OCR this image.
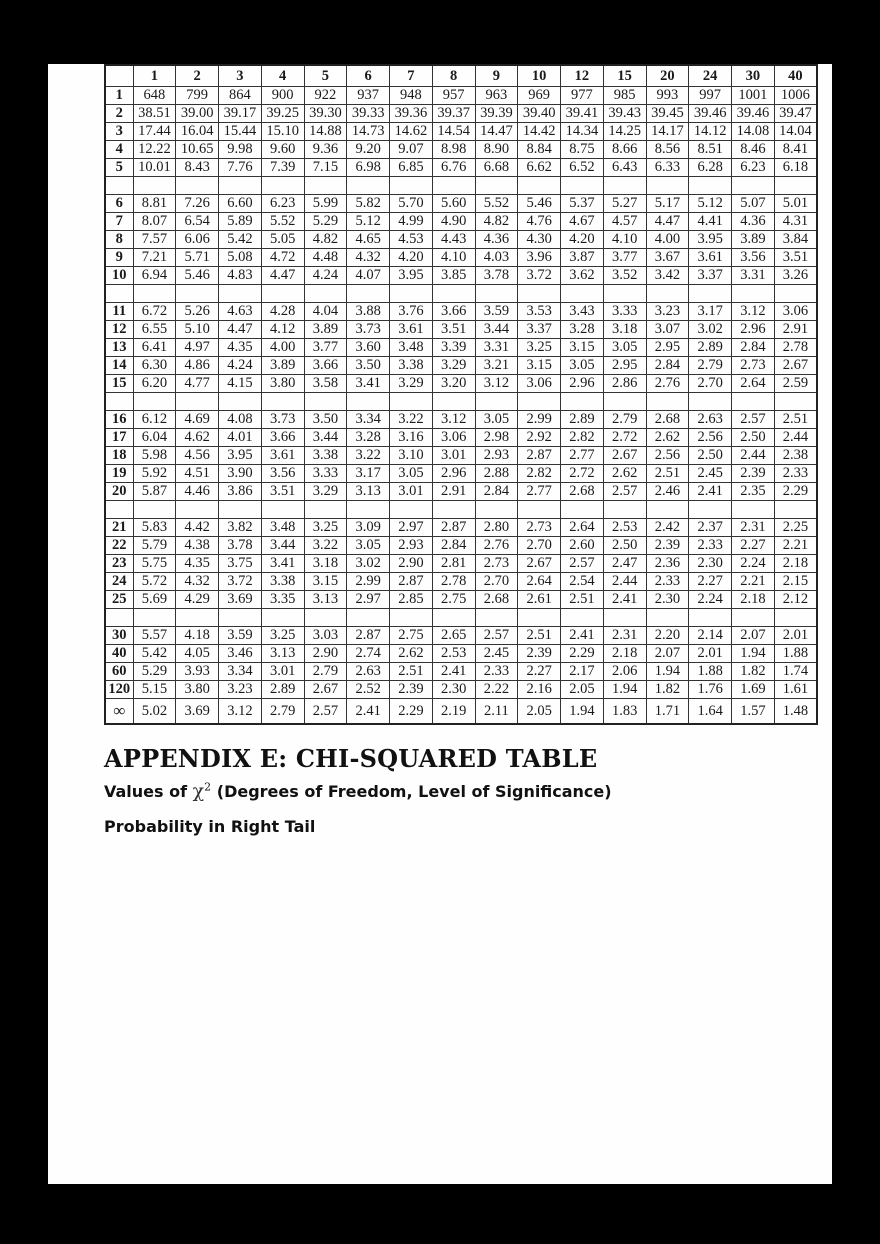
	1	2	3	4	5	6	7	8	9	10	12	15	20	24	30	40
1	648	799	864	900	922	937	948	957	963	969	977	985	993	997	1001	1006
2	38.51	39.00	39.17	39.25	39.30	39.33	39.36	39.37	39.39	39.40	39.41	39.43	39.45	39.46	39.46	39.47
3	17.44	16.04	15.44	15.10	14.88	14.73	14.62	14.54	14.47	14.42	14.34	14.25	14.17	14.12	14.08	14.04
4	12.22	10.65	9.98	9.60	9.36	9.20	9.07	8.98	8.90	8.84	8.75	8.66	8.56	8.51	8.46	8.41
5	10.01	8.43	7.76	7.39	7.15	6.98	6.85	6.76	6.68	6.62	6.52	6.43	6.33	6.28	6.23	6.18

6	8.81	7.26	6.60	6.23	5.99	5.82	5.70	5.60	5.52	5.46	5.37	5.27	5.17	5.12	5.07	5.01
7	8.07	6.54	5.89	5.52	5.29	5.12	4.99	4.90	4.82	4.76	4.67	4.57	4.47	4.41	4.36	4.31
8	7.57	6.06	5.42	5.05	4.82	4.65	4.53	4.43	4.36	4.30	4.20	4.10	4.00	3.95	3.89	3.84
9	7.21	5.71	5.08	4.72	4.48	4.32	4.20	4.10	4.03	3.96	3.87	3.77	3.67	3.61	3.56	3.51
10	6.94	5.46	4.83	4.47	4.24	4.07	3.95	3.85	3.78	3.72	3.62	3.52	3.42	3.37	3.31	3.26

11	6.72	5.26	4.63	4.28	4.04	3.88	3.76	3.66	3.59	3.53	3.43	3.33	3.23	3.17	3.12	3.06
12	6.55	5.10	4.47	4.12	3.89	3.73	3.61	3.51	3.44	3.37	3.28	3.18	3.07	3.02	2.96	2.91
13	6.41	4.97	4.35	4.00	3.77	3.60	3.48	3.39	3.31	3.25	3.15	3.05	2.95	2.89	2.84	2.78
14	6.30	4.86	4.24	3.89	3.66	3.50	3.38	3.29	3.21	3.15	3.05	2.95	2.84	2.79	2.73	2.67
15	6.20	4.77	4.15	3.80	3.58	3.41	3.29	3.20	3.12	3.06	2.96	2.86	2.76	2.70	2.64	2.59

16	6.12	4.69	4.08	3.73	3.50	3.34	3.22	3.12	3.05	2.99	2.89	2.79	2.68	2.63	2.57	2.51
17	6.04	4.62	4.01	3.66	3.44	3.28	3.16	3.06	2.98	2.92	2.82	2.72	2.62	2.56	2.50	2.44
18	5.98	4.56	3.95	3.61	3.38	3.22	3.10	3.01	2.93	2.87	2.77	2.67	2.56	2.50	2.44	2.38
19	5.92	4.51	3.90	3.56	3.33	3.17	3.05	2.96	2.88	2.82	2.72	2.62	2.51	2.45	2.39	2.33
20	5.87	4.46	3.86	3.51	3.29	3.13	3.01	2.91	2.84	2.77	2.68	2.57	2.46	2.41	2.35	2.29

21	5.83	4.42	3.82	3.48	3.25	3.09	2.97	2.87	2.80	2.73	2.64	2.53	2.42	2.37	2.31	2.25
22	5.79	4.38	3.78	3.44	3.22	3.05	2.93	2.84	2.76	2.70	2.60	2.50	2.39	2.33	2.27	2.21
23	5.75	4.35	3.75	3.41	3.18	3.02	2.90	2.81	2.73	2.67	2.57	2.47	2.36	2.30	2.24	2.18
24	5.72	4.32	3.72	3.38	3.15	2.99	2.87	2.78	2.70	2.64	2.54	2.44	2.33	2.27	2.21	2.15
25	5.69	4.29	3.69	3.35	3.13	2.97	2.85	2.75	2.68	2.61	2.51	2.41	2.30	2.24	2.18	2.12

30	5.57	4.18	3.59	3.25	3.03	2.87	2.75	2.65	2.57	2.51	2.41	2.31	2.20	2.14	2.07	2.01
40	5.42	4.05	3.46	3.13	2.90	2.74	2.62	2.53	2.45	2.39	2.29	2.18	2.07	2.01	1.94	1.88
60	5.29	3.93	3.34	3.01	2.79	2.63	2.51	2.41	2.33	2.27	2.17	2.06	1.94	1.88	1.82	1.74
120	5.15	3.80	3.23	2.89	2.67	2.52	2.39	2.30	2.22	2.16	2.05	1.94	1.82	1.76	1.69	1.61
∞	5.02	3.69	3.12	2.79	2.57	2.41	2.29	2.19	2.11	2.05	1.94	1.83	1.71	1.64	1.57	1.48
APPENDIX E: CHI-SQUARED TABLE

Values of $\chi^2$ (Degrees of Freedom, Level of Significance)

Probability in Right Tail
